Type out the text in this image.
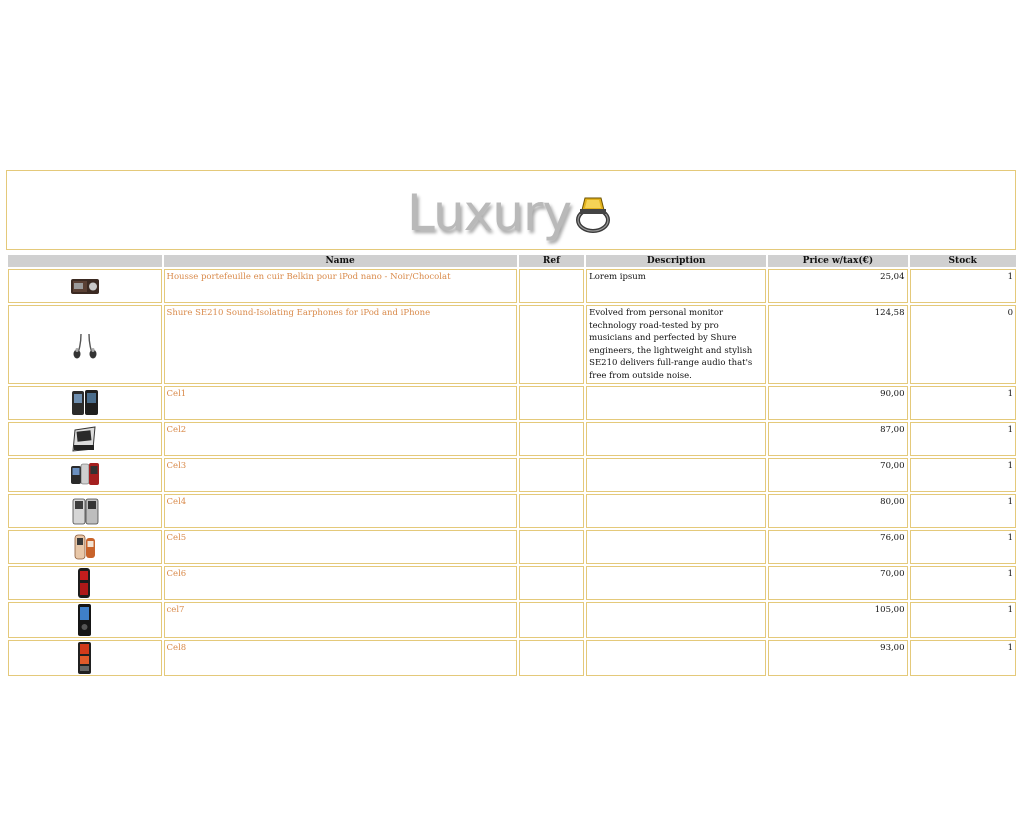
Luxury
	Name	Ref	Description	Price w/tax(€)	Stock
	Housse portefeuille en cuir Belkin pour iPod nano - Noir/Chocolat		Lorem ipsum	25,04	1
	Shure SE210 Sound-Isolating Earphones for iPod and iPhone		Evolved from personal monitor technology road-tested by pro musicians and perfected by Shure engineers, the lightweight and stylish SE210 delivers full-range audio that's free from outside noise.	124,58	0
	Cel1			90,00	1
	Cel2			87,00	1
	Cel3			70,00	1
	Cel4			80,00	1
	Cel5			76,00	1
	Cel6			70,00	1
	cel7			105,00	1
	Cel8			93,00	1
